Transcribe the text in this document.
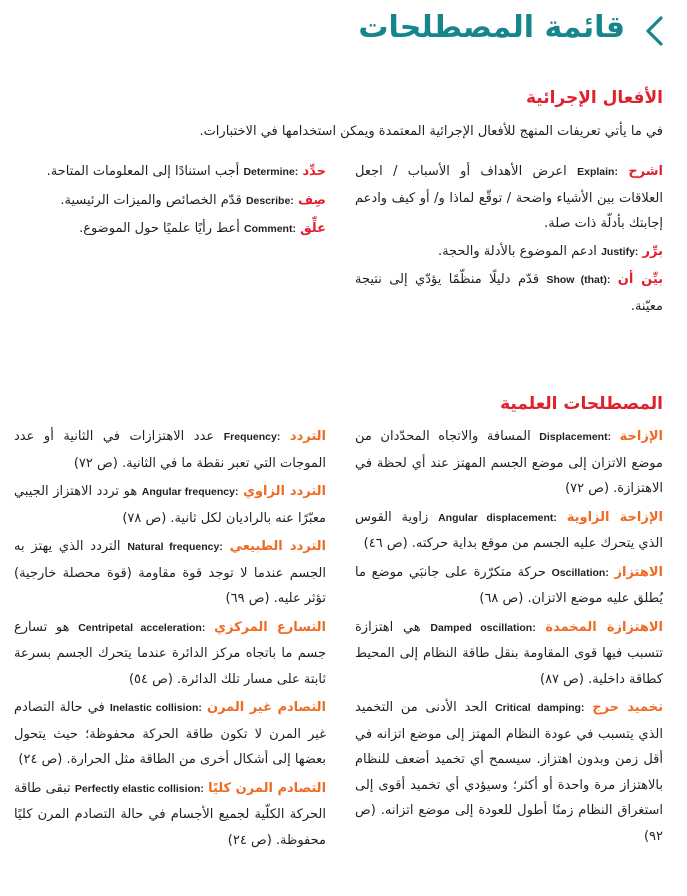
قائمة المصطلحات
الأفعال الإجرائية
في ما يأتي تعريفات المنهج للأفعال الإجرائية المعتمدة ويمكن استخدامها في الاختبارات.
اشرح Explain: اعرض الأهداف أو الأسباب / اجعل العلاقات بين الأشياء واضحة / توقّع لماذا و/ أو كيف وادعم إجابتك بأدلّة ذات صلة.
برِّر Justify: ادعم الموضوع بالأدلة والحجة.
بيِّن أن Show (that): قدّم دليلًا منظّمًا يؤدّي إلى نتيجة معيّنة.
حدِّد Determine: أجب استنادًا إلى المعلومات المتاحة.
صِف Describe: قدّم الخصائص والميزات الرئيسية.
علِّق Comment: أعط رأيًا علميًا حول الموضوع.
المصطلحات العلمية
الإزاحة Displacement: المسافة والاتجاه المحدّدان من موضع الاتزان إلى موضع الجسم المهتز عند أي لحظة في الاهتزازة. (ص ٧٢)
الإزاحة الزاوية Angular displacement: زاوية القوس الذي يتحرك عليه الجسم من موقع بداية حركته. (ص ٤٦)
الاهتزاز Oscillation: حركة متكرّرة على جانبَي موضع ما يُطلق عليه موضع الاتزان. (ص ٦٨)
الاهتزازة المخمدة Damped oscillation: هي اهتزازة تتسبب فيها قوى المقاومة بنقل طاقة النظام إلى المحيط كطاقة داخلية. (ص ٨٧)
تخميد حرج Critical damping: الحد الأدنى من التخميد الذي يتسبب في عودة النظام المهتز إلى موضع اتزانه في أقل زمن وبدون اهتزاز. سيسمح أي تخميد أضعف للنظام بالاهتزاز مرة واحدة أو أكثر؛ وسيؤدي أي تخميد أقوى إلى استغراق النظام زمنًا أطول للعودة إلى موضع اتزانه. (ص ٩٢)
التردد Frequency: عدد الاهتزازات في الثانية أو عدد الموجات التي تعبر نقطة ما في الثانية. (ص ٧٢)
التردد الزاوي Angular frequency: هو تردد الاهتزاز الجيبي معبّرًا عنه بالراديان لكل ثانية. (ص ٧٨)
التردد الطبيعي Natural frequency: التردد الذي يهتز به الجسم عندما لا توجد قوة مقاومة (قوة محصلة خارجية) تؤثر عليه. (ص ٦٩)
التسارع المركزي Centripetal acceleration: هو تسارع جسم ما باتجاه مركز الدائرة عندما يتحرك الجسم بسرعة ثابتة على مسار تلك الدائرة. (ص ٥٤)
التصادم غير المرن Inelastic collision: في حالة التصادم غير المرن لا تكون طاقة الحركة محفوظة؛ حيث يتحول بعضها إلى أشكال أخرى من الطاقة مثل الحرارة. (ص ٢٤)
التصادم المرن كليًا Perfectly elastic collision: تبقى طاقة الحركة الكلّية لجميع الأجسام في حالة التصادم المرن كليًا محفوظة. (ص ٢٤)
